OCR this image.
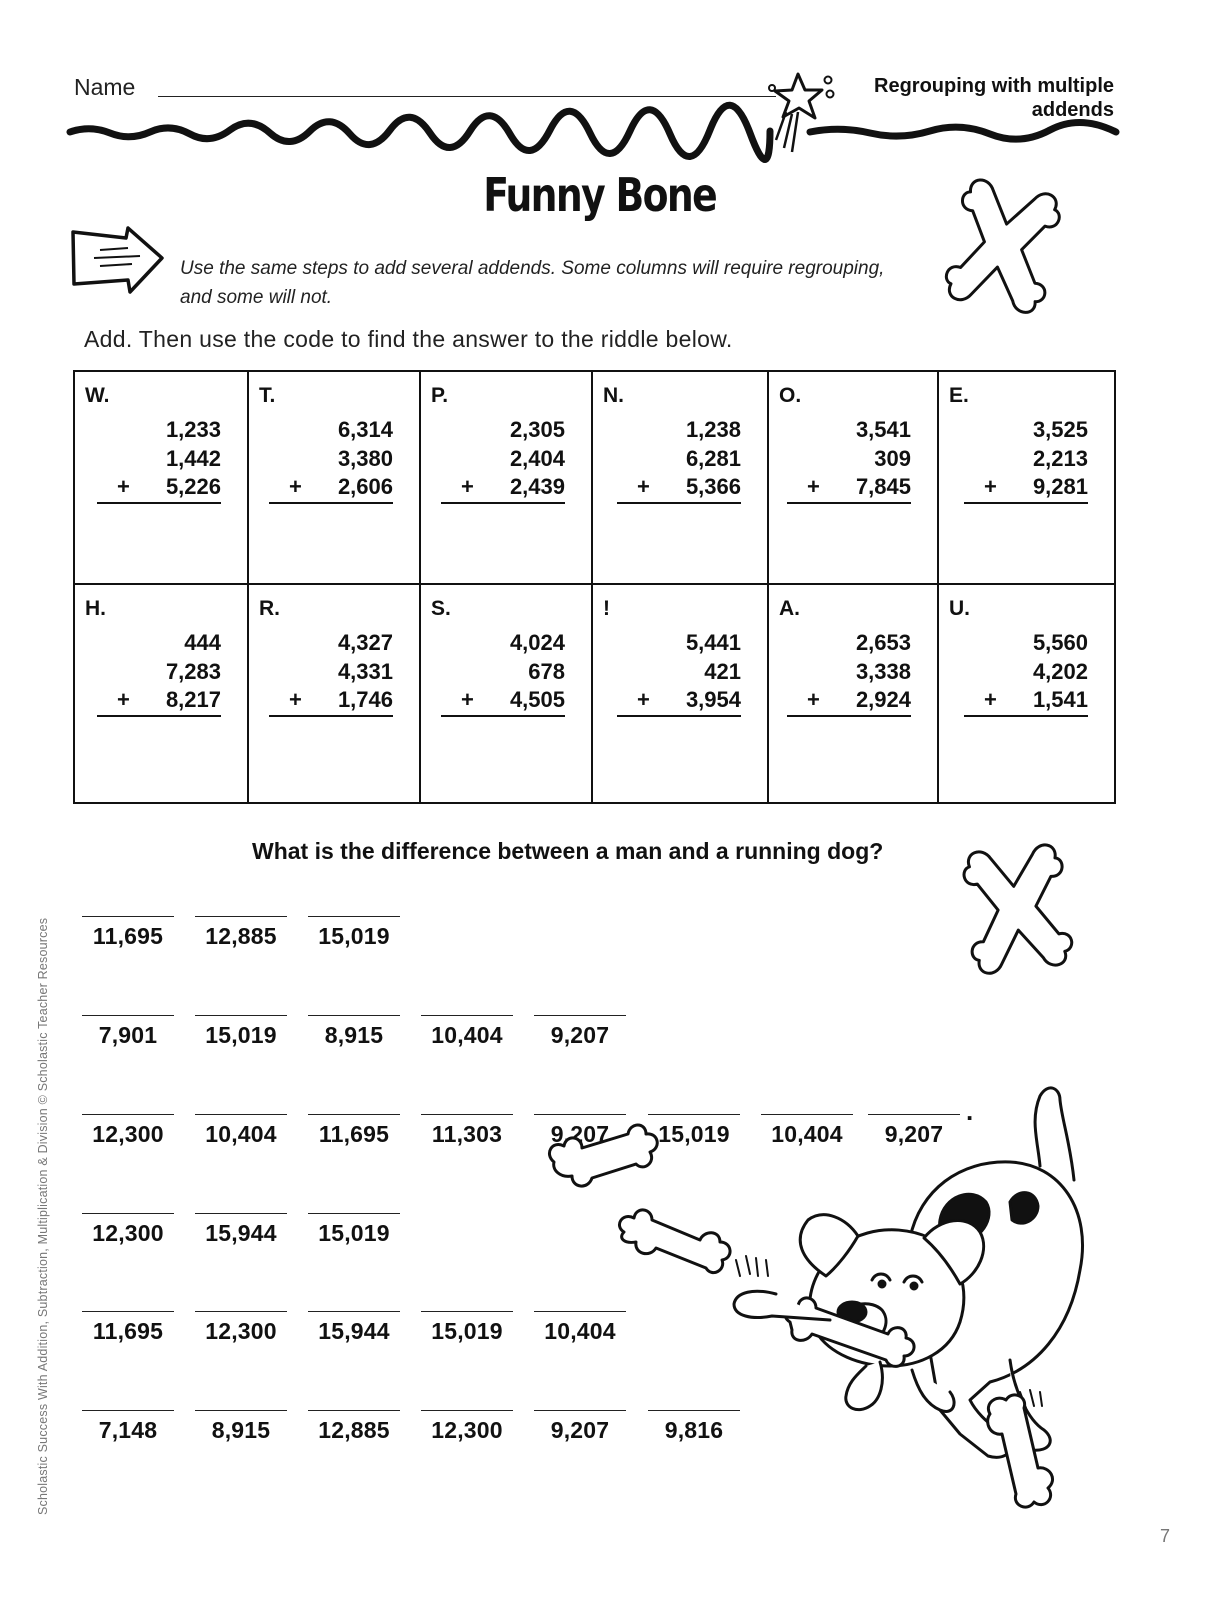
Name	Regrouping with multiple addends
Funny Bone
Use the same steps to add several addends. Some columns will require regrouping, and some will not.
Add. Then use the code to find the answer to the riddle below.
W.
1,233
1,442
+ 5,226
T.
6,314
3,380
+ 2,606
P.
2,305
2,404
+ 2,439
N.
1,238
6,281
+ 5,366
O.
3,541
309
+ 7,845
E.
3,525
2,213
+ 9,281
H.
444
7,283
+ 8,217
R.
4,327
4,331
+ 1,746
S.
4,024
678
+ 4,505
!
5,441
421
+ 3,954
A.
2,653
3,338
+ 2,924
U.
5,560
4,202
+ 1,541
What is the difference between a man and a running dog?
11,695	12,885	15,019
7,901	15,019	8,915	10,404	9,207
12,300	10,404	11,695	11,303	9,207	15,019	10,404	9,207
12,300	15,944	15,019
11,695	12,300	15,944	15,019	10,404
7,148	8,915	12,885	12,300	9,207	9,816
.
Scholastic Success With Addition, Subtraction, Multiplication & Division © Scholastic Teacher Resources
7
